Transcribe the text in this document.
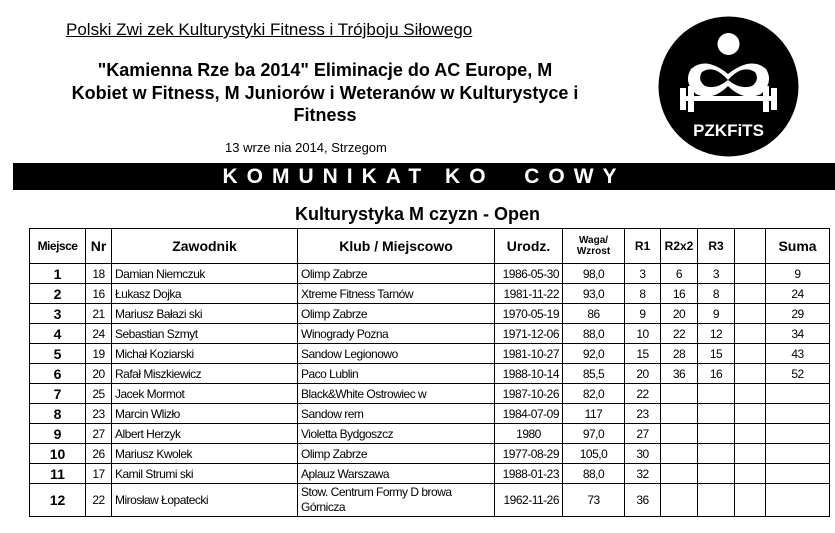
Polski Zwi zek Kulturystyki Fitness i Trójboju Siłowego
"Kamienna Rze ba 2014" Eliminacje do AC Europe, M
Kobiet w Fitness, M Juniorów i Weteranów w Kulturystyce i
Fitness
13 wrze nia 2014, Strzegom
PZKFiTS
KOMUNIKAT KO  COWY
Kulturystyka M czyzn - Open
Miejsce	Nr	Zawodnik	Klub / Miejscowo	Urodz.	Waga/
Wzrost	R1	R2x2	R3		Suma
1	18	Damian Niemczuk	Olimp Zabrze	1986-05-30	98,0	3	6	3		9
2	16	Łukasz Dojka	Xtreme Fitness Tarnów	1981-11-22	93,0	8	16	8		24
3	21	Mariusz Bałazi ski	Olimp Zabrze	1970-05-19	86	9	20	9		29
4	24	Sebastian Szmyt	Winogrady Pozna	1971-12-06	88,0	10	22	12		34
5	19	Michał Koziarski	Sandow Legionowo	1981-10-27	92,0	15	28	15		43
6	20	Rafał Miszkiewicz	Paco Lublin	1988-10-14	85,5	20	36	16		52
7	25	Jacek Mormot	Black&White Ostrowiec w	1987-10-26	82,0	22				
8	23	Marcin Wlizło	Sandow rem	1984-07-09	117	23				
9	27	Albert Herzyk	Violetta Bydgoszcz	1980	97,0	27				
10	26	Mariusz Kwolek	Olimp Zabrze	1977-08-29	105,0	30				
11	17	Kamil Strumi ski	Aplauz Warszawa	1988-01-23	88,0	32				
12	22	Mirosław Łopatecki	Stow. Centrum Formy D browa Górnicza	1962-11-26	73	36				
